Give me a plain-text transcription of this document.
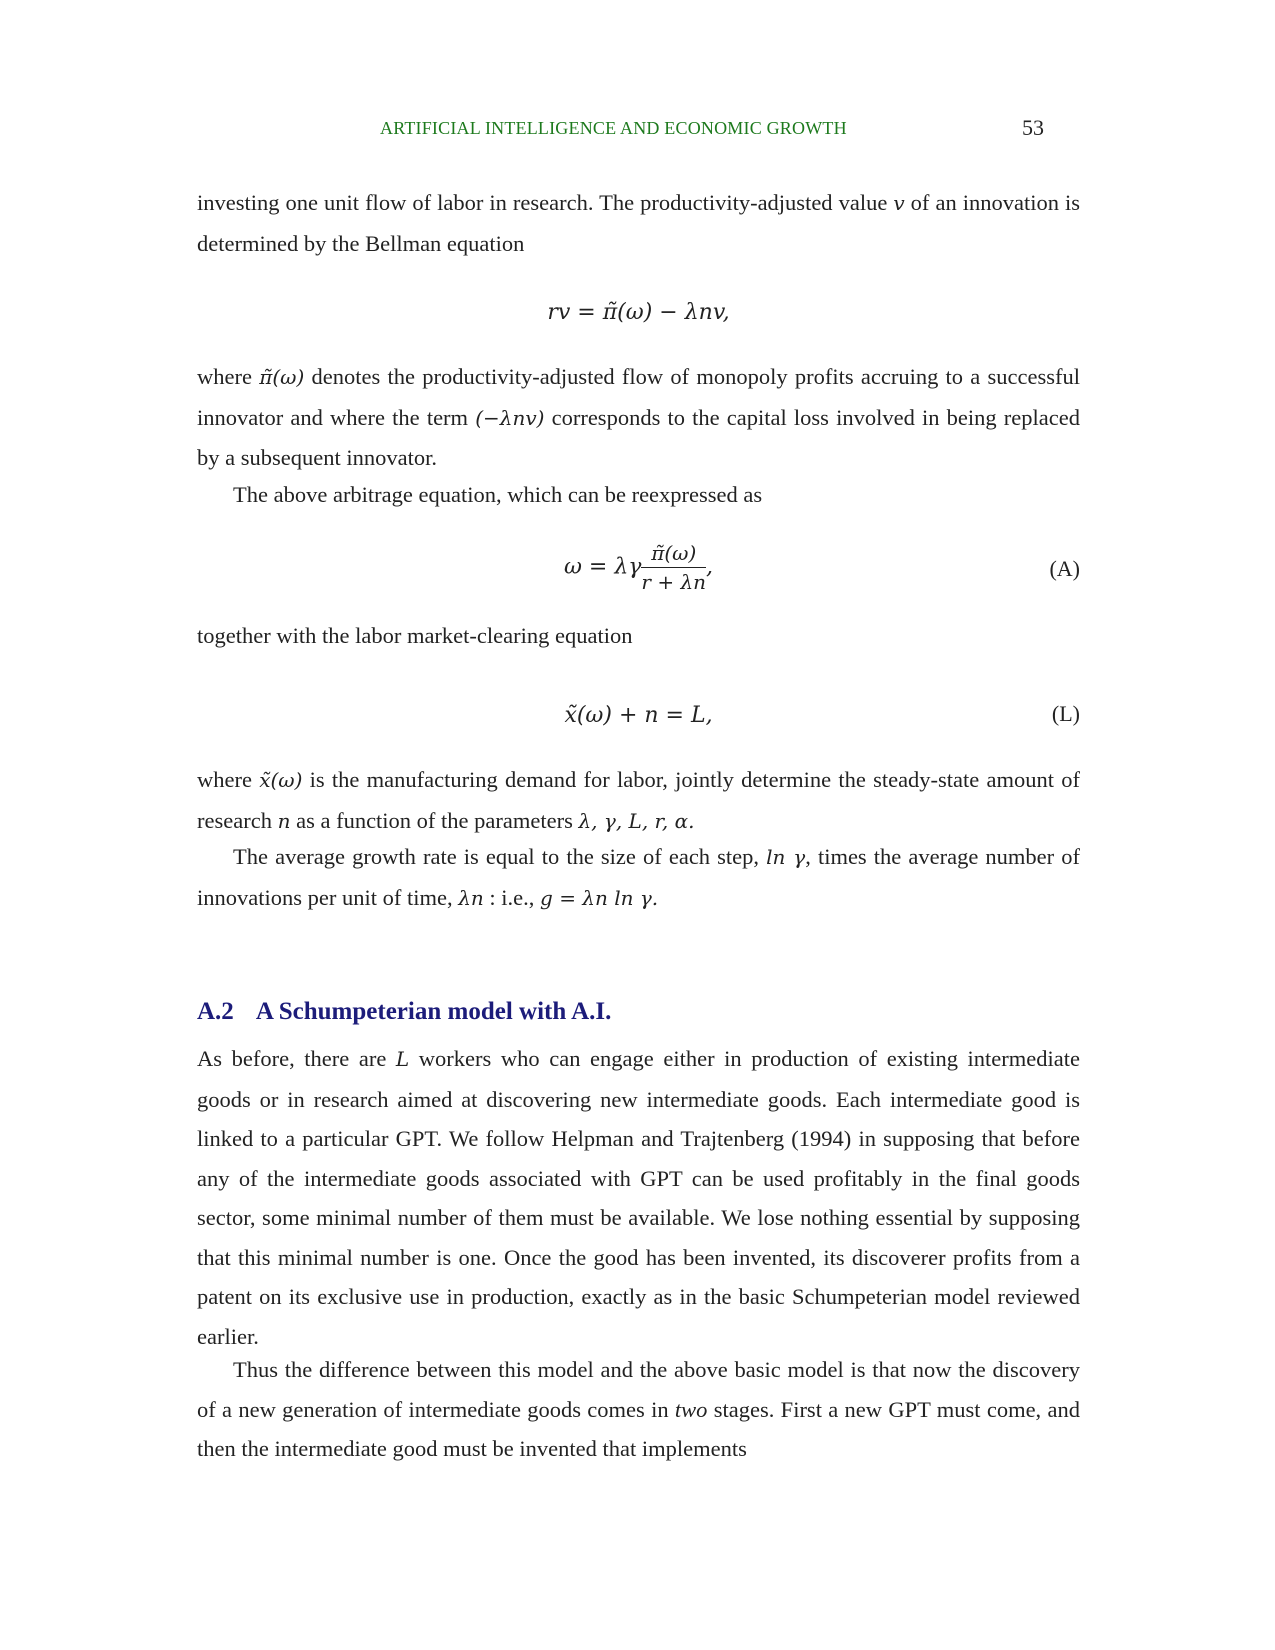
ARTIFICIAL INTELLIGENCE AND ECONOMIC GROWTH	53

investing one unit flow of labor in research. The productivity-adjusted value v of an innovation is determined by the Bellman equation

rv = π̃(ω) − λnv,

where π̃(ω) denotes the productivity-adjusted flow of monopoly profits accruing to a successful innovator and where the term (−λnv) corresponds to the capital loss involved in being replaced by a subsequent innovator.

The above arbitrage equation, which can be reexpressed as

ω = λγ $\frac{\pĩ(\omega)}{r + \lambda n}$ ,	(A)

together with the labor market-clearing equation

x̃(ω) + n = L,	(L)

where x̃(ω) is the manufacturing demand for labor, jointly determine the steady-state amount of research n as a function of the parameters λ, γ, L, r, α.

The average growth rate is equal to the size of each step, ln γ, times the average number of innovations per unit of time, λn : i.e., g = λn ln γ.

A.2 A Schumpeterian model with A.I.

As before, there are L workers who can engage either in production of existing intermediate goods or in research aimed at discovering new intermediate goods. Each intermediate good is linked to a particular GPT. We follow Helpman and Trajtenberg (1994) in supposing that before any of the intermediate goods associated with GPT can be used profitably in the final goods sector, some minimal number of them must be available. We lose nothing essential by supposing that this minimal number is one. Once the good has been invented, its discoverer profits from a patent on its exclusive use in production, exactly as in the basic Schumpeterian model reviewed earlier.

Thus the difference between this model and the above basic model is that now the discovery of a new generation of intermediate goods comes in two stages. First a new GPT must come, and then the intermediate good must be invented that implements
